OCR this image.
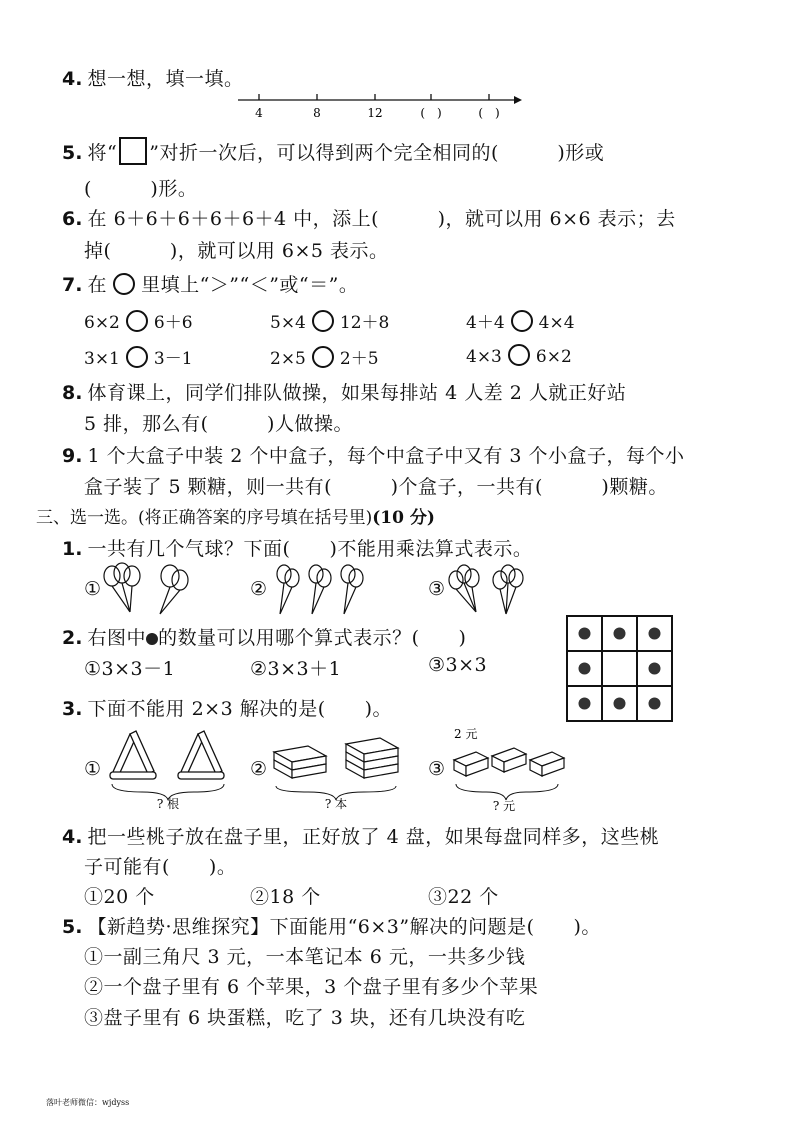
4. 想一想，填一填。
4	8	12	(　)	(　)
5. 将“ ”对折一次后，可以得到两个完全相同的(　　　)形或
(　　　)形。
6. 在 6＋6＋6＋6＋6＋4 中，添上(　　　)，就可以用 6×6 表示；去
掉(　　　)，就可以用 6×5 表示。
7. 在 里填上“＞”“＜”或“＝”。
6×2 6＋6	5×4 12＋8	4＋4 4×4
3×1 3－1	2×5 2＋5	4×3 6×2
8. 体育课上，同学们排队做操，如果每排站 4 人差 2 人就正好站
5 排，那么有(　　　)人做操。
9. 1 个大盒子中装 2 个中盒子，每个中盒子中又有 3 个小盒子，每个小
盒子装了 5 颗糖，则一共有(　　　)个盒子，一共有(　　　)颗糖。
三、选一选。(将正确答案的序号填在括号里)(10 分)
1. 一共有几个气球？下面(　　)不能用乘法算式表示。
①	②	③
2. 右图中 的数量可以用哪个算式表示？(　　)
①3×3－1	②3×3＋1	③3×3
3. 下面不能用 2×3 解决的是(　　)。
①
? 根
②
? 本
③
2 元
? 元
4. 把一些桃子放在盘子里，正好放了 4 盘，如果每盘同样多，这些桃
子可能有(　　)。
①20 个	②18 个	③22 个
5. 【新趋势·思维探究】下面能用“6×3”解决的问题是(　　)。
①一副三角尺 3 元，一本笔记本 6 元，一共多少钱
②一个盘子里有 6 个苹果，3 个盘子里有多少个苹果
③盘子里有 6 块蛋糕，吃了 3 块，还有几块没有吃
落叶老师微信：wjdyss
